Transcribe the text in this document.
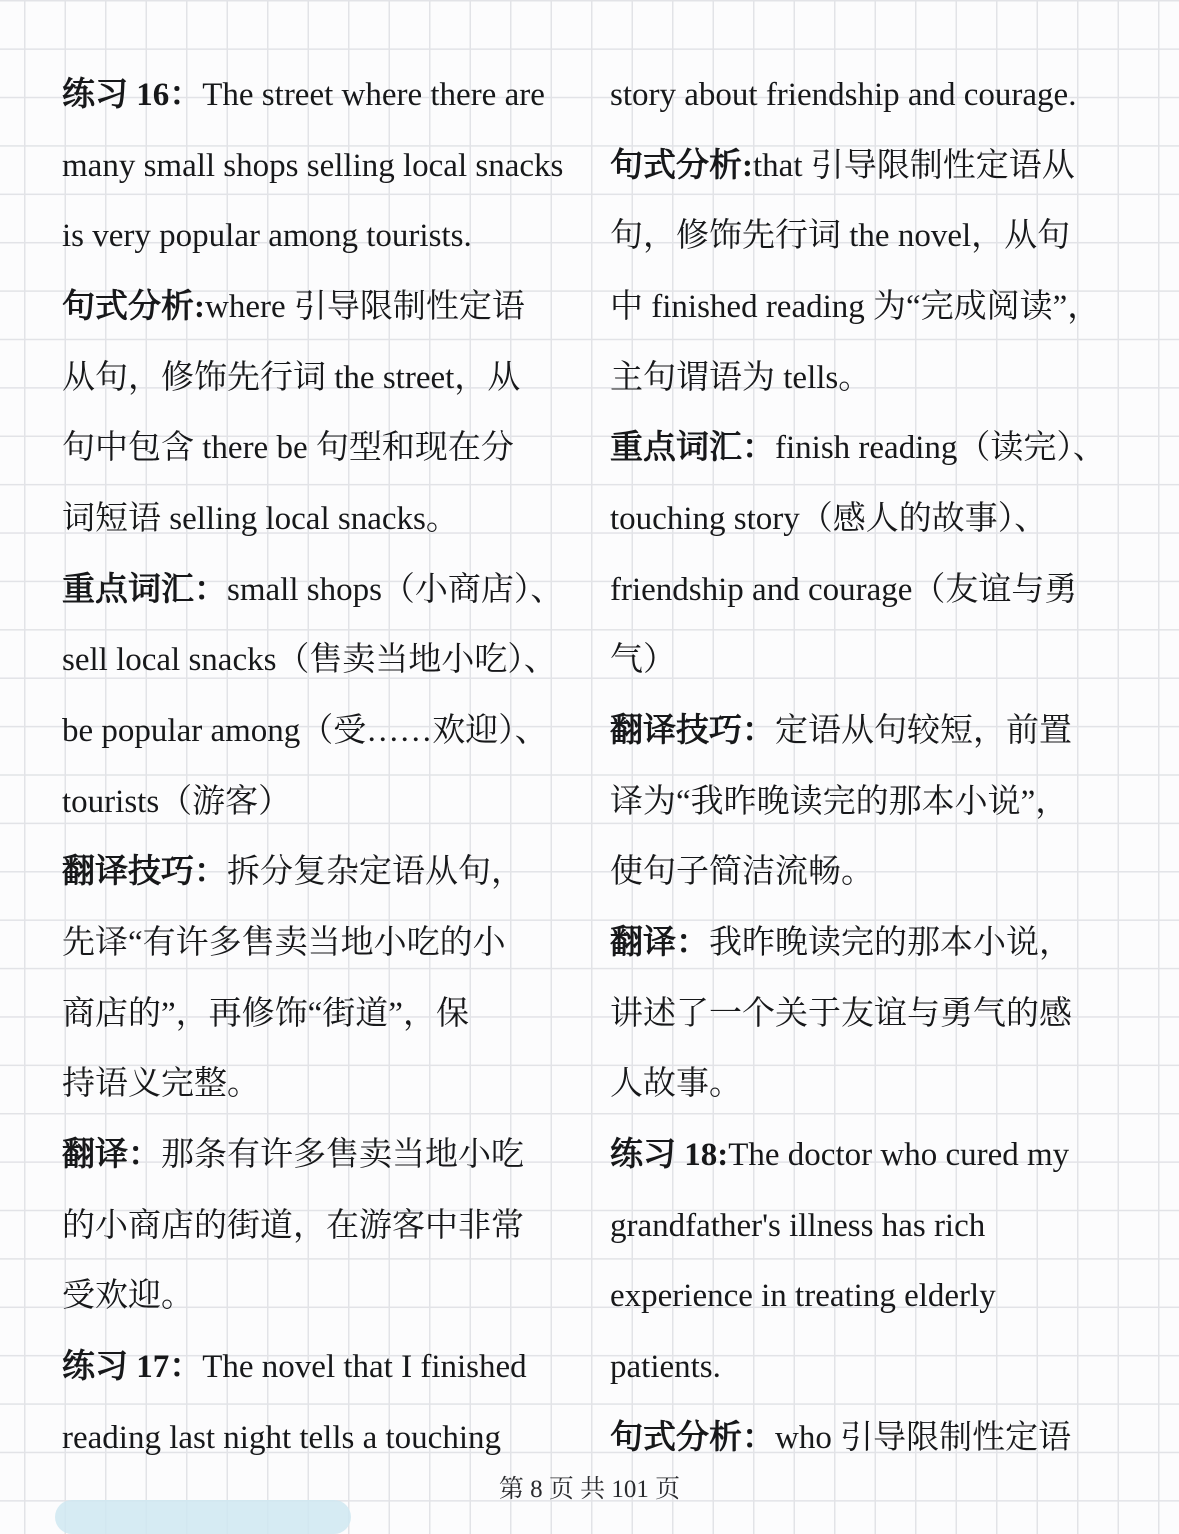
练习 16：The street where there are
many small shops selling local snacks
is very popular among tourists.
句式分析:where 引导限制性定语
从句，修饰先行词 the street，从
句中包含 there be 句型和现在分
词短语 selling local snacks。
重点词汇：small shops（小商店）、
sell local snacks（售卖当地小吃）、
be popular among（受……欢迎）、
tourists（游客）
翻译技巧：拆分复杂定语从句，
先译“有许多售卖当地小吃的小
商店的”，再修饰“街道”，保
持语义完整。
翻译：那条有许多售卖当地小吃
的小商店的街道，在游客中非常
受欢迎。
练习 17：The novel that I finished
reading last night tells a touching
story about friendship and courage.
句式分析:that 引导限制性定语从
句，修饰先行词 the novel，从句
中 finished reading 为“完成阅读”，
主句谓语为 tells。
重点词汇：finish reading（读完）、
touching story（感人的故事）、
friendship and courage（友谊与勇
气）
翻译技巧：定语从句较短，前置
译为“我昨晚读完的那本小说”，
使句子简洁流畅。
翻译：我昨晚读完的那本小说，
讲述了一个关于友谊与勇气的感
人故事。
练习 18:The doctor who cured my
grandfather's illness has rich
experience in treating elderly
patients.
句式分析：who 引导限制性定语
第 8 页 共 101 页
